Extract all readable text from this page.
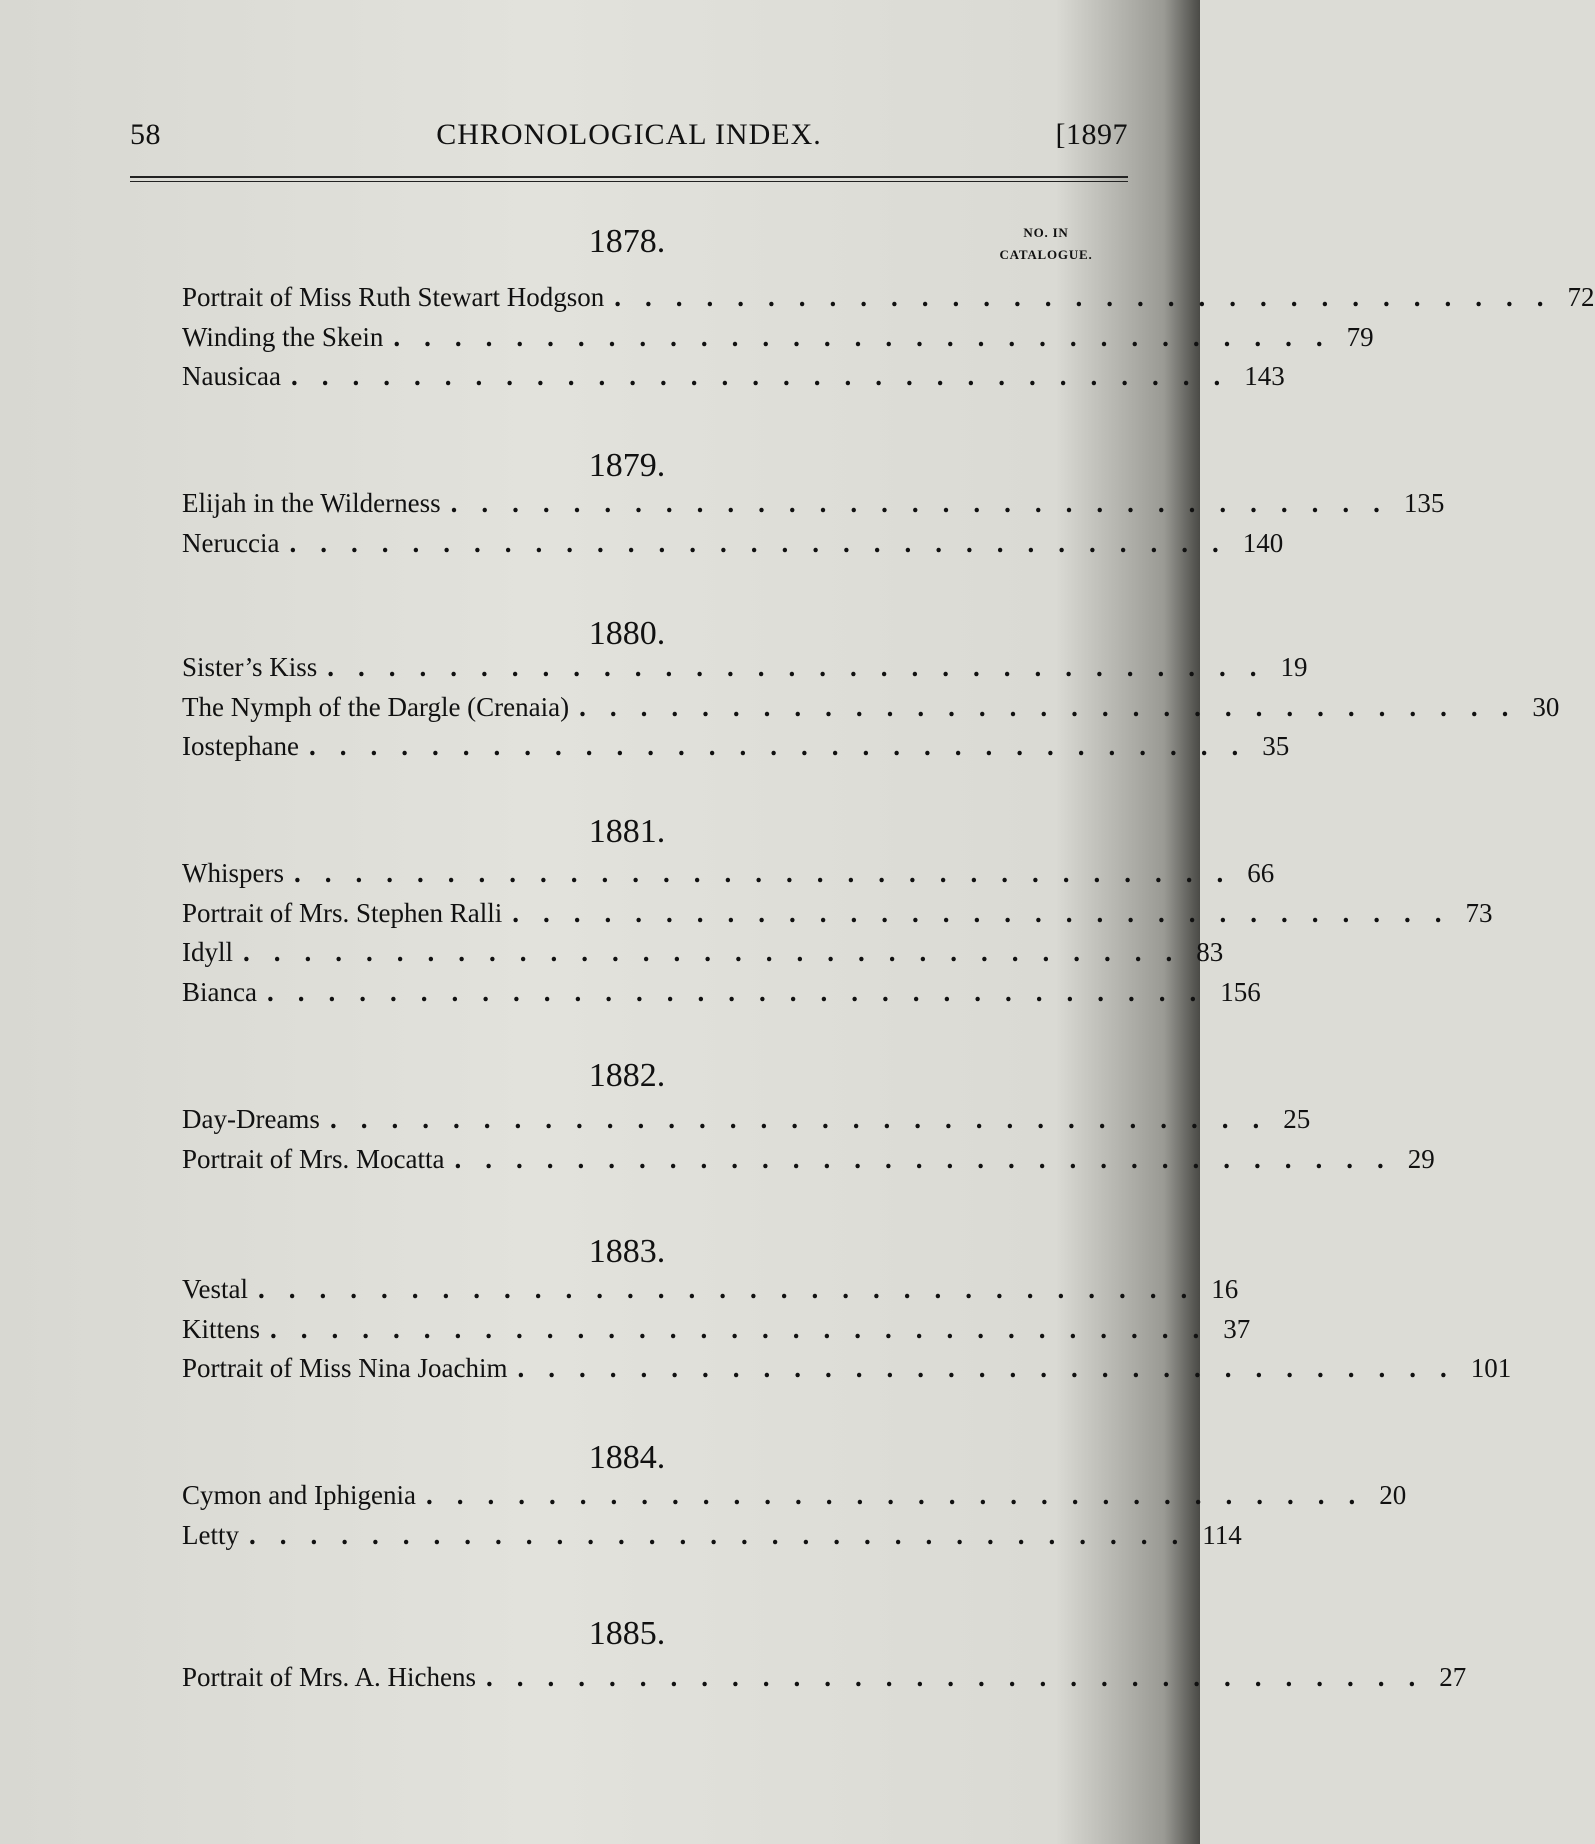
58	CHRONOLOGICAL INDEX.	[1897
NO. IN
CATALOGUE.
1878.
Portrait of Miss Ruth Stewart Hodgson ............................... 72
Winding the Skein ............................... 79
Nausicaa ............................... 143
1879.
Elijah in the Wilderness ............................... 135
Neruccia ............................... 140
1880.
Sister’s Kiss ............................... 19
The Nymph of the Dargle (Crenaia) ............................... 30
Iostephane ............................... 35
1881.
Whispers ............................... 66
Portrait of Mrs. Stephen Ralli ............................... 73
Idyll ............................... 83
Bianca ............................... 156
1882.
Day-Dreams ............................... 25
Portrait of Mrs. Mocatta ............................... 29
1883.
Vestal ............................... 16
Kittens ............................... 37
Portrait of Miss Nina Joachim ............................... 101
1884.
Cymon and Iphigenia ............................... 20
Letty ............................... 114
1885.
Portrait of Mrs. A. Hichens ............................... 27
